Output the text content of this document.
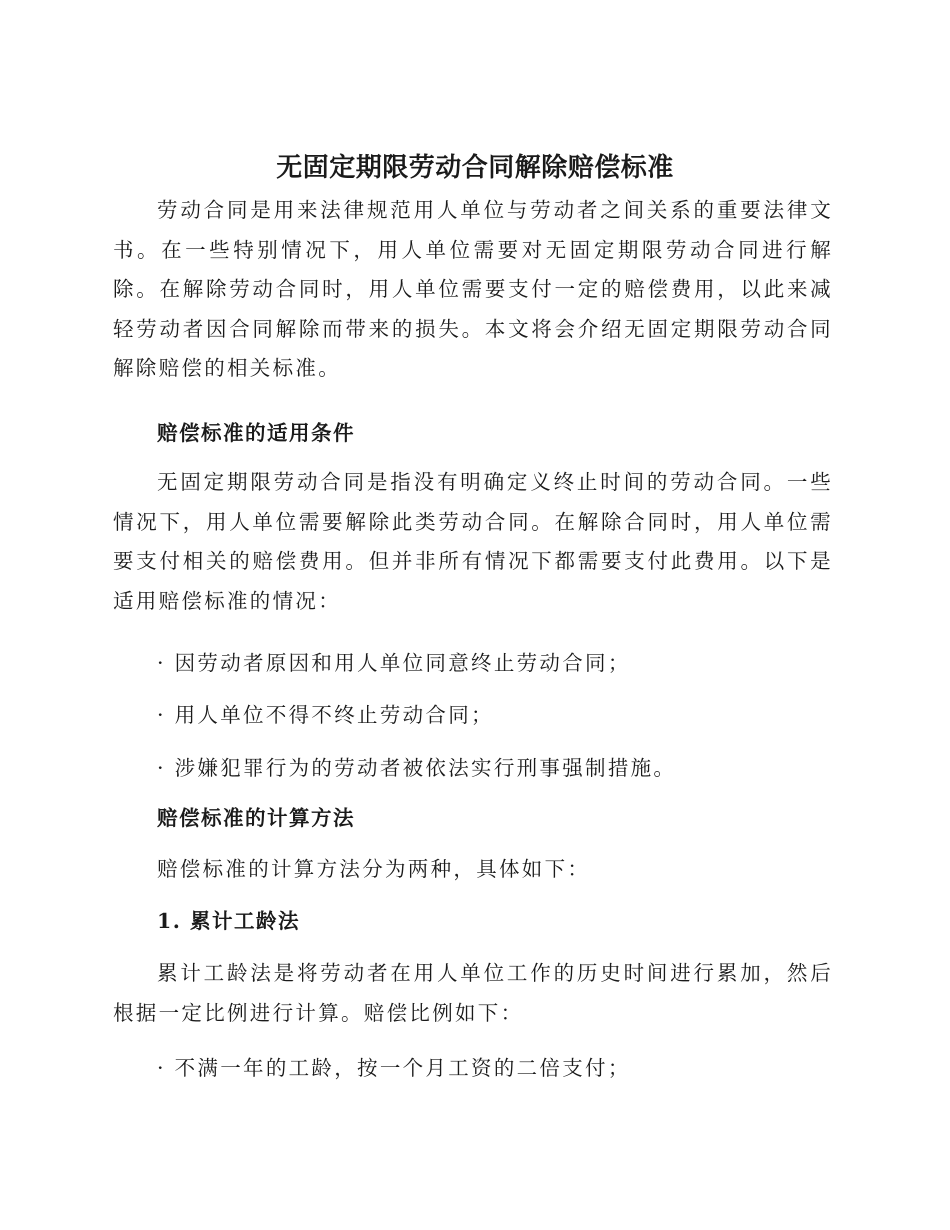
无固定期限劳动合同解除赔偿标准
劳动合同是用来法律规范用人单位与劳动者之间关系的重要法律文书。在一些特别情况下，用人单位需要对无固定期限劳动合同进行解除。在解除劳动合同时，用人单位需要支付一定的赔偿费用，以此来减轻劳动者因合同解除而带来的损失。本文将会介绍无固定期限劳动合同解除赔偿的相关标准。
赔偿标准的适用条件
无固定期限劳动合同是指没有明确定义终止时间的劳动合同。一些情况下，用人单位需要解除此类劳动合同。在解除合同时，用人单位需要支付相关的赔偿费用。但并非所有情况下都需要支付此费用。以下是适用赔偿标准的情况：
· 因劳动者原因和用人单位同意终止劳动合同；
· 用人单位不得不终止劳动合同；
· 涉嫌犯罪行为的劳动者被依法实行刑事强制措施。
赔偿标准的计算方法
赔偿标准的计算方法分为两种，具体如下：
1. 累计工龄法
累计工龄法是将劳动者在用人单位工作的历史时间进行累加，然后根据一定比例进行计算。赔偿比例如下：
· 不满一年的工龄，按一个月工资的二倍支付；
